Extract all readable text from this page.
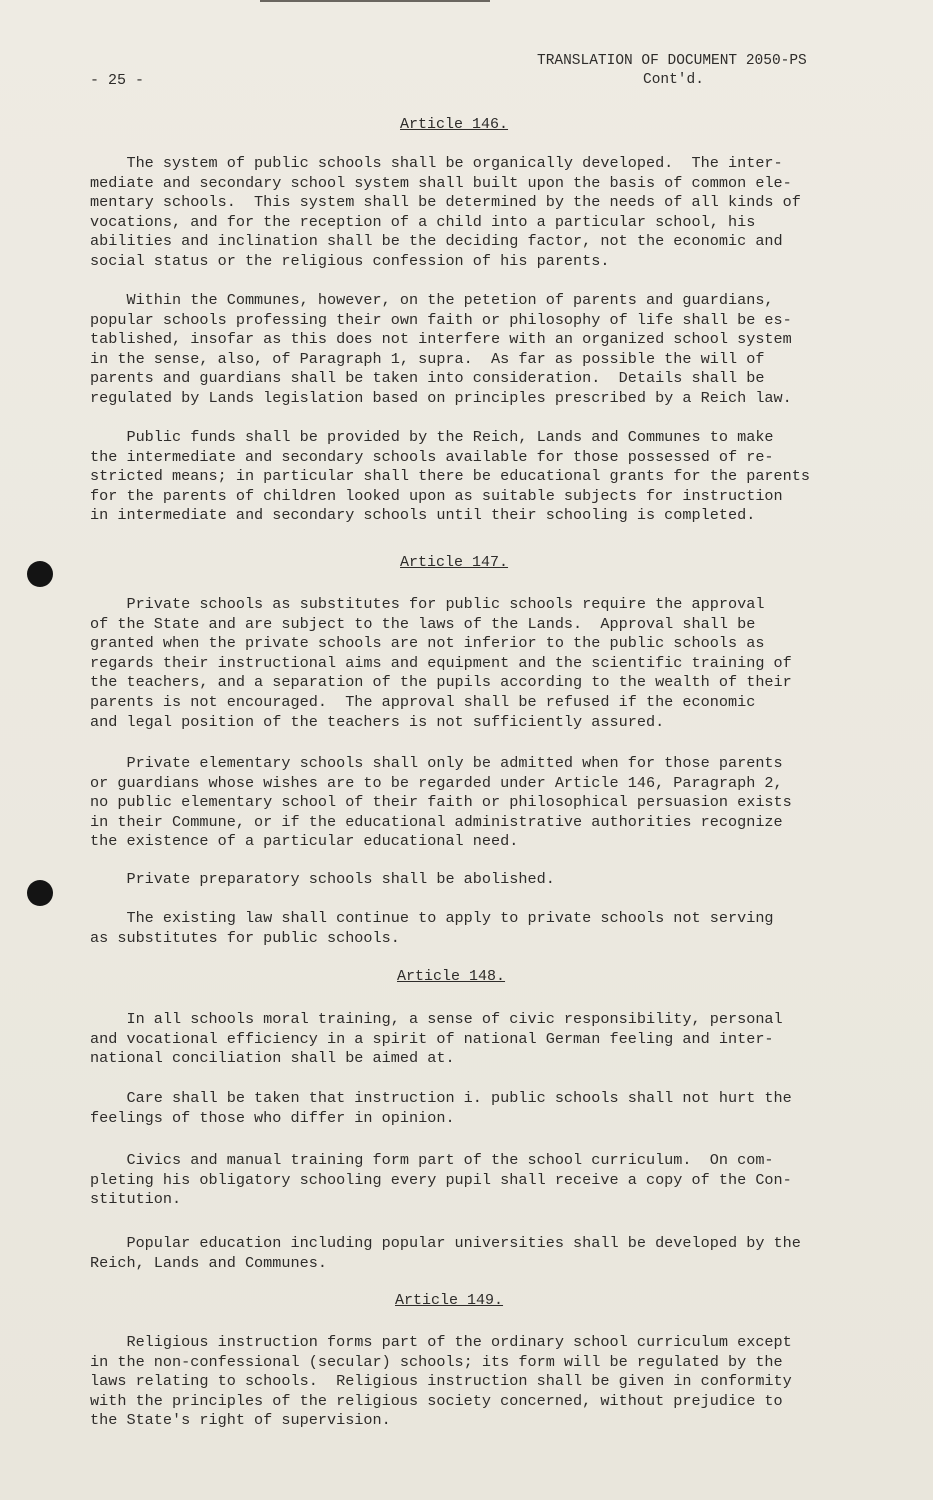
- 25 -
TRANSLATION OF DOCUMENT 2050-PS
Cont'd.
Article 146.

The system of public schools shall be organically developed.  The inter-
mediate and secondary school system shall built upon the basis of common ele-
mentary schools.  This system shall be determined by the needs of all kinds of
vocations, and for the reception of a child into a particular school, his
abilities and inclination shall be the deciding factor, not the economic and
social status or the religious confession of his parents.

Within the Communes, however, on the petetion of parents and guardians,
popular schools professing their own faith or philosophy of life shall be es-
tablished, insofar as this does not interfere with an organized school system
in the sense, also, of Paragraph 1, supra.  As far as possible the will of
parents and guardians shall be taken into consideration.  Details shall be
regulated by Lands legislation based on principles prescribed by a Reich law.

Public funds shall be provided by the Reich, Lands and Communes to make
the intermediate and secondary schools available for those possessed of re-
stricted means; in particular shall there be educational grants for the parents
for the parents of children looked upon as suitable subjects for instruction
in intermediate and secondary schools until their schooling is completed.

Article 147.

Private schools as substitutes for public schools require the approval
of the State and are subject to the laws of the Lands.  Approval shall be
granted when the private schools are not inferior to the public schools as
regards their instructional aims and equipment and the scientific training of
the teachers, and a separation of the pupils according to the wealth of their
parents is not encouraged.  The approval shall be refused if the economic
and legal position of the teachers is not sufficiently assured.

Private elementary schools shall only be admitted when for those parents
or guardians whose wishes are to be regarded under Article 146, Paragraph 2,
no public elementary school of their faith or philosophical persuasion exists
in their Commune, or if the educational administrative authorities recognize
the existence of a particular educational need.

Private preparatory schools shall be abolished.

The existing law shall continue to apply to private schools not serving
as substitutes for public schools.

Article 148.

In all schools moral training, a sense of civic responsibility, personal
and vocational efficiency in a spirit of national German feeling and inter-
national conciliation shall be aimed at.

Care shall be taken that instruction i. public schools shall not hurt the
feelings of those who differ in opinion.

Civics and manual training form part of the school curriculum.  On com-
pleting his obligatory schooling every pupil shall receive a copy of the Con-
stitution.

Popular education including popular universities shall be developed by the
Reich, Lands and Communes.

Article 149.

Religious instruction forms part of the ordinary school curriculum except
in the non-confessional (secular) schools; its form will be regulated by the
laws relating to schools.  Religious instruction shall be given in conformity
with the principles of the religious society concerned, without prejudice to
the State's right of supervision.
